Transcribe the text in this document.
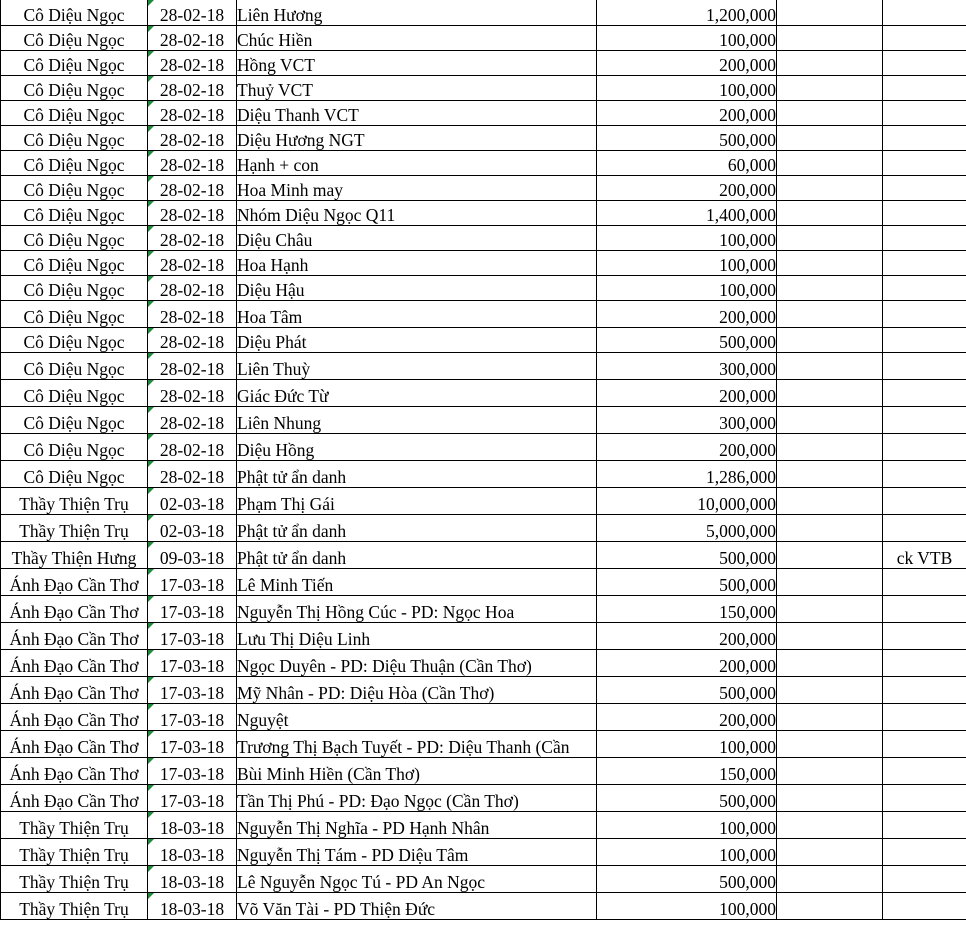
Cô Diệu Ngọc	28-02-18	Liên Hương	1,200,000		
Cô Diệu Ngọc	28-02-18	Chúc Hiền	100,000		
Cô Diệu Ngọc	28-02-18	Hồng VCT	200,000		
Cô Diệu Ngọc	28-02-18	Thuỷ VCT	100,000		
Cô Diệu Ngọc	28-02-18	Diệu Thanh VCT	200,000		
Cô Diệu Ngọc	28-02-18	Diệu Hương NGT	500,000		
Cô Diệu Ngọc	28-02-18	Hạnh + con	60,000		
Cô Diệu Ngọc	28-02-18	Hoa Minh may	200,000		
Cô Diệu Ngọc	28-02-18	Nhóm Diệu Ngọc Q11	1,400,000		
Cô Diệu Ngọc	28-02-18	Diệu Châu	100,000		
Cô Diệu Ngọc	28-02-18	Hoa Hạnh	100,000		
Cô Diệu Ngọc	28-02-18	Diệu Hậu	100,000		
Cô Diệu Ngọc	28-02-18	Hoa Tâm	200,000		
Cô Diệu Ngọc	28-02-18	Diệu Phát	500,000		
Cô Diệu Ngọc	28-02-18	Liên Thuỳ	300,000		
Cô Diệu Ngọc	28-02-18	Giác Đức Từ	200,000		
Cô Diệu Ngọc	28-02-18	Liên Nhung	300,000		
Cô Diệu Ngọc	28-02-18	Diệu Hồng	200,000		
Cô Diệu Ngọc	28-02-18	Phật tử ẩn danh	1,286,000		
Thầy Thiện Trụ	02-03-18	Phạm Thị Gái	10,000,000		
Thầy Thiện Trụ	02-03-18	Phật tử ẩn danh	5,000,000		
Thầy Thiện Hưng	09-03-18	Phật tử ẩn danh	500,000		ck VTB
Ánh Đạo Cần Thơ	17-03-18	Lê Minh Tiến	500,000		
Ánh Đạo Cần Thơ	17-03-18	Nguyễn Thị Hồng Cúc - PD: Ngọc Hoa	150,000		
Ánh Đạo Cần Thơ	17-03-18	Lưu Thị Diệu Linh	200,000		
Ánh Đạo Cần Thơ	17-03-18	Ngọc Duyên - PD: Diệu Thuận (Cần Thơ)	200,000		
Ánh Đạo Cần Thơ	17-03-18	Mỹ Nhân - PD: Diệu Hòa (Cần Thơ)	500,000		
Ánh Đạo Cần Thơ	17-03-18	Nguyệt	200,000		
Ánh Đạo Cần Thơ	17-03-18	Trương Thị Bạch Tuyết - PD: Diệu Thanh (Cần	100,000		
Ánh Đạo Cần Thơ	17-03-18	Bùi Minh Hiền (Cần Thơ)	150,000		
Ánh Đạo Cần Thơ	17-03-18	Tần Thị Phú - PD: Đạo Ngọc (Cần Thơ)	500,000		
Thầy Thiện Trụ	18-03-18	Nguyễn Thị Nghĩa - PD Hạnh Nhân	100,000		
Thầy Thiện Trụ	18-03-18	Nguyễn Thị Tám - PD Diệu Tâm	100,000		
Thầy Thiện Trụ	18-03-18	Lê Nguyễn Ngọc Tú - PD An Ngọc	500,000		
Thầy Thiện Trụ	18-03-18	Võ Văn Tài - PD Thiện Đức	100,000		
